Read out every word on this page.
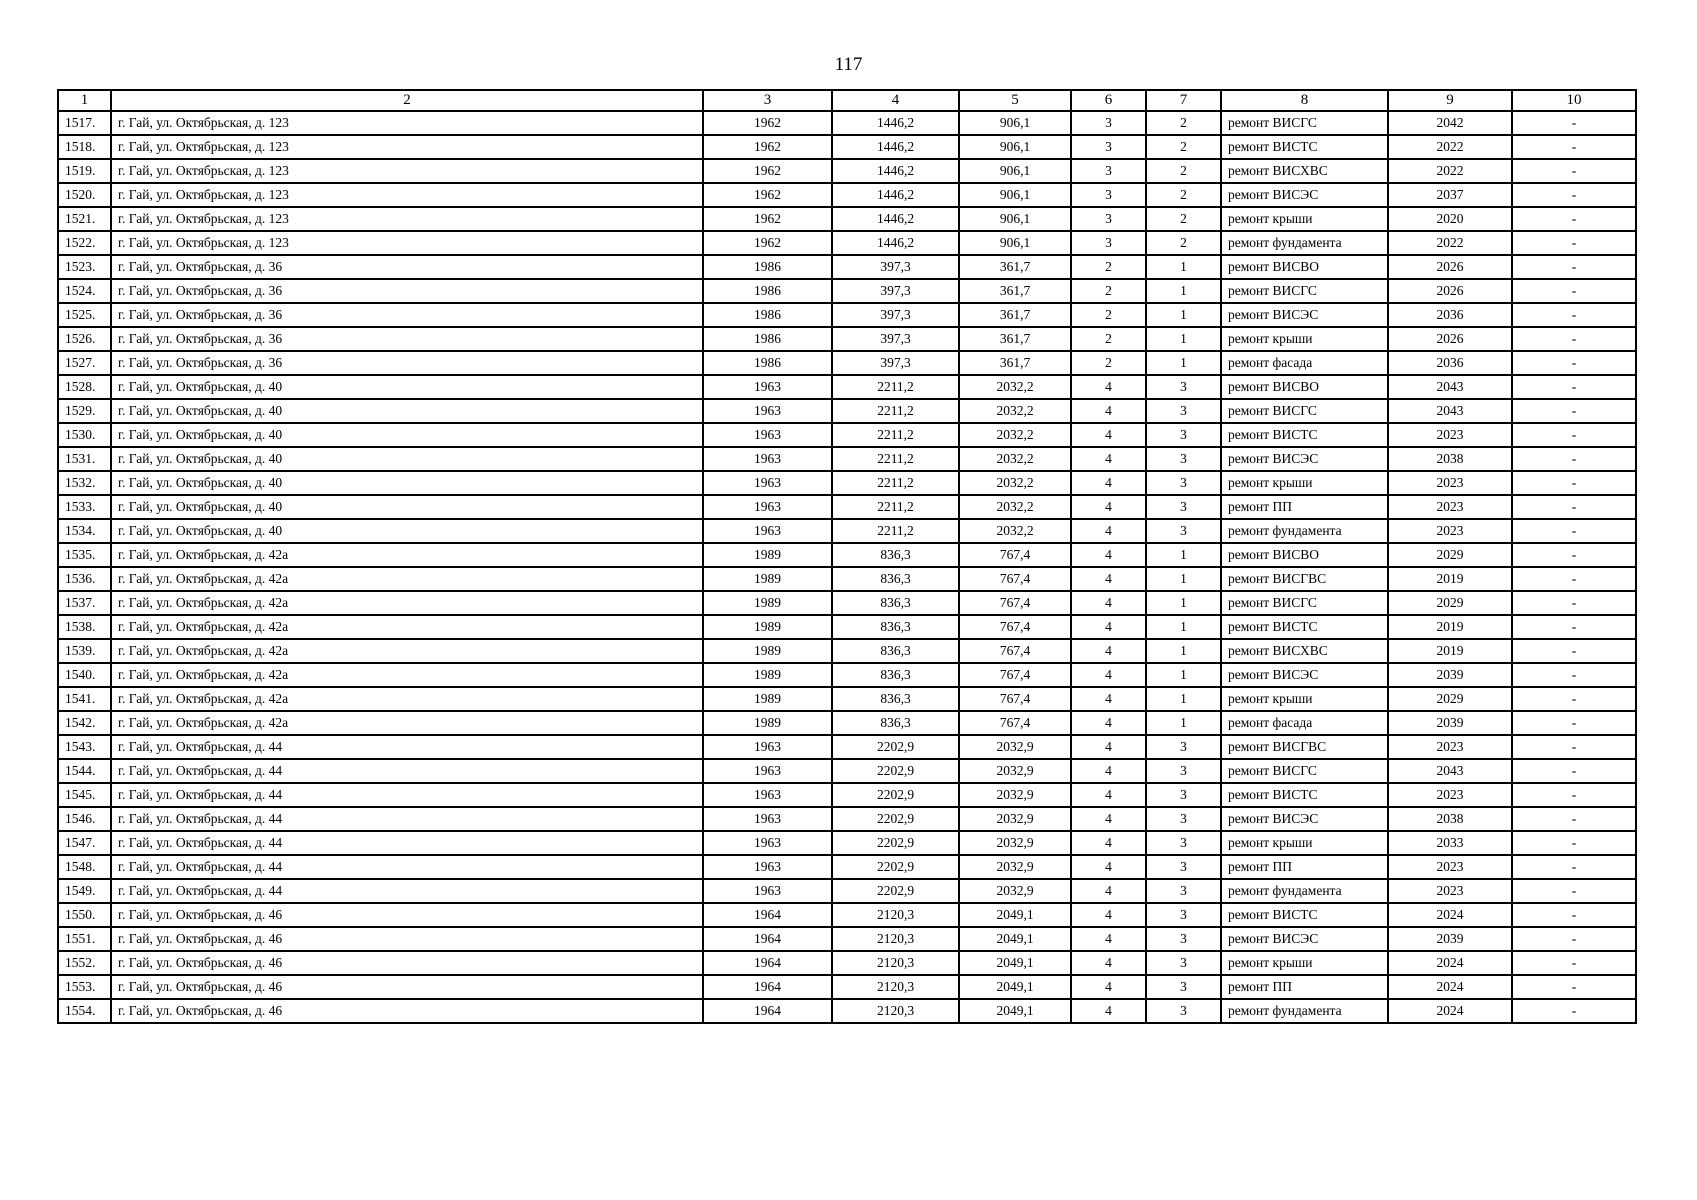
117
1	2	3	4	5	6	7	8	9	10
1517.	г. Гай, ул. Октябрьская, д. 123	1962	1446,2	906,1	3	2	ремонт ВИСГС	2042	-
1518.	г. Гай, ул. Октябрьская, д. 123	1962	1446,2	906,1	3	2	ремонт ВИСТС	2022	-
1519.	г. Гай, ул. Октябрьская, д. 123	1962	1446,2	906,1	3	2	ремонт ВИСХВС	2022	-
1520.	г. Гай, ул. Октябрьская, д. 123	1962	1446,2	906,1	3	2	ремонт ВИСЭС	2037	-
1521.	г. Гай, ул. Октябрьская, д. 123	1962	1446,2	906,1	3	2	ремонт крыши	2020	-
1522.	г. Гай, ул. Октябрьская, д. 123	1962	1446,2	906,1	3	2	ремонт фундамента	2022	-
1523.	г. Гай, ул. Октябрьская, д. 36	1986	397,3	361,7	2	1	ремонт ВИСВО	2026	-
1524.	г. Гай, ул. Октябрьская, д. 36	1986	397,3	361,7	2	1	ремонт ВИСГС	2026	-
1525.	г. Гай, ул. Октябрьская, д. 36	1986	397,3	361,7	2	1	ремонт ВИСЭС	2036	-
1526.	г. Гай, ул. Октябрьская, д. 36	1986	397,3	361,7	2	1	ремонт крыши	2026	-
1527.	г. Гай, ул. Октябрьская, д. 36	1986	397,3	361,7	2	1	ремонт фасада	2036	-
1528.	г. Гай, ул. Октябрьская, д. 40	1963	2211,2	2032,2	4	3	ремонт ВИСВО	2043	-
1529.	г. Гай, ул. Октябрьская, д. 40	1963	2211,2	2032,2	4	3	ремонт ВИСГС	2043	-
1530.	г. Гай, ул. Октябрьская, д. 40	1963	2211,2	2032,2	4	3	ремонт ВИСТС	2023	-
1531.	г. Гай, ул. Октябрьская, д. 40	1963	2211,2	2032,2	4	3	ремонт ВИСЭС	2038	-
1532.	г. Гай, ул. Октябрьская, д. 40	1963	2211,2	2032,2	4	3	ремонт крыши	2023	-
1533.	г. Гай, ул. Октябрьская, д. 40	1963	2211,2	2032,2	4	3	ремонт ПП	2023	-
1534.	г. Гай, ул. Октябрьская, д. 40	1963	2211,2	2032,2	4	3	ремонт фундамента	2023	-
1535.	г. Гай, ул. Октябрьская, д. 42а	1989	836,3	767,4	4	1	ремонт ВИСВО	2029	-
1536.	г. Гай, ул. Октябрьская, д. 42а	1989	836,3	767,4	4	1	ремонт ВИСГВС	2019	-
1537.	г. Гай, ул. Октябрьская, д. 42а	1989	836,3	767,4	4	1	ремонт ВИСГС	2029	-
1538.	г. Гай, ул. Октябрьская, д. 42а	1989	836,3	767,4	4	1	ремонт ВИСТС	2019	-
1539.	г. Гай, ул. Октябрьская, д. 42а	1989	836,3	767,4	4	1	ремонт ВИСХВС	2019	-
1540.	г. Гай, ул. Октябрьская, д. 42а	1989	836,3	767,4	4	1	ремонт ВИСЭС	2039	-
1541.	г. Гай, ул. Октябрьская, д. 42а	1989	836,3	767,4	4	1	ремонт крыши	2029	-
1542.	г. Гай, ул. Октябрьская, д. 42а	1989	836,3	767,4	4	1	ремонт фасада	2039	-
1543.	г. Гай, ул. Октябрьская, д. 44	1963	2202,9	2032,9	4	3	ремонт ВИСГВС	2023	-
1544.	г. Гай, ул. Октябрьская, д. 44	1963	2202,9	2032,9	4	3	ремонт ВИСГС	2043	-
1545.	г. Гай, ул. Октябрьская, д. 44	1963	2202,9	2032,9	4	3	ремонт ВИСТС	2023	-
1546.	г. Гай, ул. Октябрьская, д. 44	1963	2202,9	2032,9	4	3	ремонт ВИСЭС	2038	-
1547.	г. Гай, ул. Октябрьская, д. 44	1963	2202,9	2032,9	4	3	ремонт крыши	2033	-
1548.	г. Гай, ул. Октябрьская, д. 44	1963	2202,9	2032,9	4	3	ремонт ПП	2023	-
1549.	г. Гай, ул. Октябрьская, д. 44	1963	2202,9	2032,9	4	3	ремонт фундамента	2023	-
1550.	г. Гай, ул. Октябрьская, д. 46	1964	2120,3	2049,1	4	3	ремонт ВИСТС	2024	-
1551.	г. Гай, ул. Октябрьская, д. 46	1964	2120,3	2049,1	4	3	ремонт ВИСЭС	2039	-
1552.	г. Гай, ул. Октябрьская, д. 46	1964	2120,3	2049,1	4	3	ремонт крыши	2024	-
1553.	г. Гай, ул. Октябрьская, д. 46	1964	2120,3	2049,1	4	3	ремонт ПП	2024	-
1554.	г. Гай, ул. Октябрьская, д. 46	1964	2120,3	2049,1	4	3	ремонт фундамента	2024	-
